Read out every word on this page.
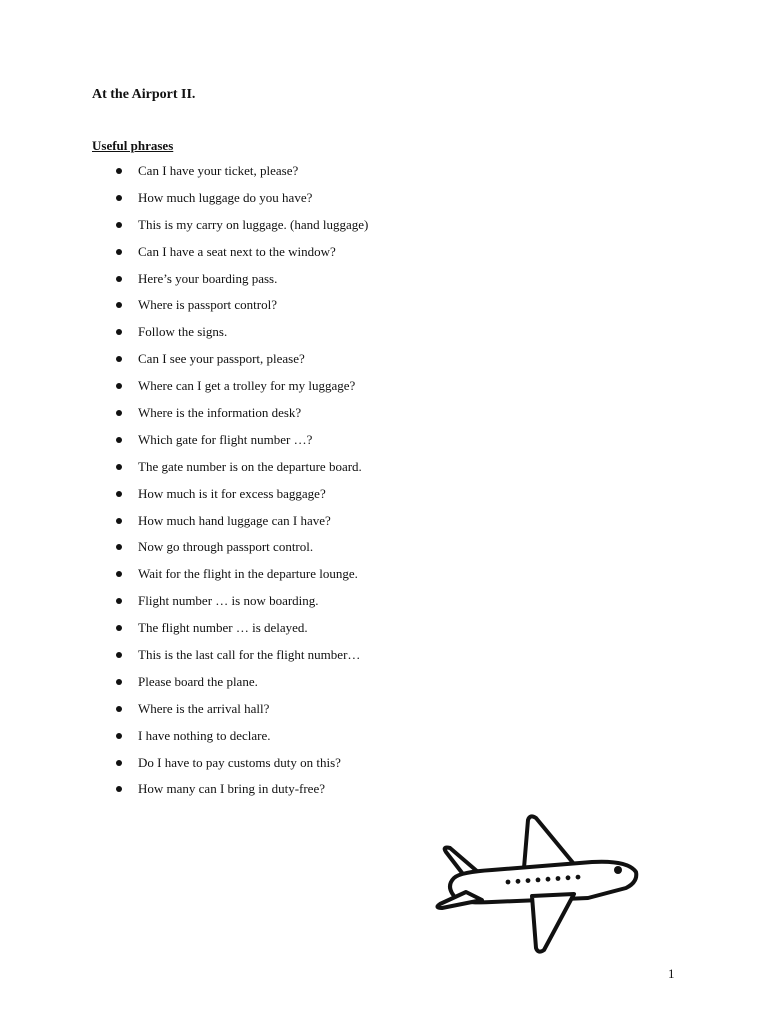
At the Airport II.
Useful phrases
Can I have your ticket, please?
How much luggage do you have?
This is my carry on luggage. (hand luggage)
Can I have a seat next to the window?
Here’s your boarding pass.
Where is passport control?
Follow the signs.
Can I see your passport, please?
Where can I get a trolley for my luggage?
Where is the information desk?
Which gate for flight number …?
The gate number is on the departure board.
How much is it for excess baggage?
How much hand luggage can I have?
Now go through passport control.
Wait for the flight in the departure lounge.
Flight number … is now boarding.
The flight number … is delayed.
This is the last call for the flight number…
Please board the plane.
Where is the arrival hall?
I have nothing to declare.
Do I have to pay customs duty on this?
How many can I bring in duty-free?
1
